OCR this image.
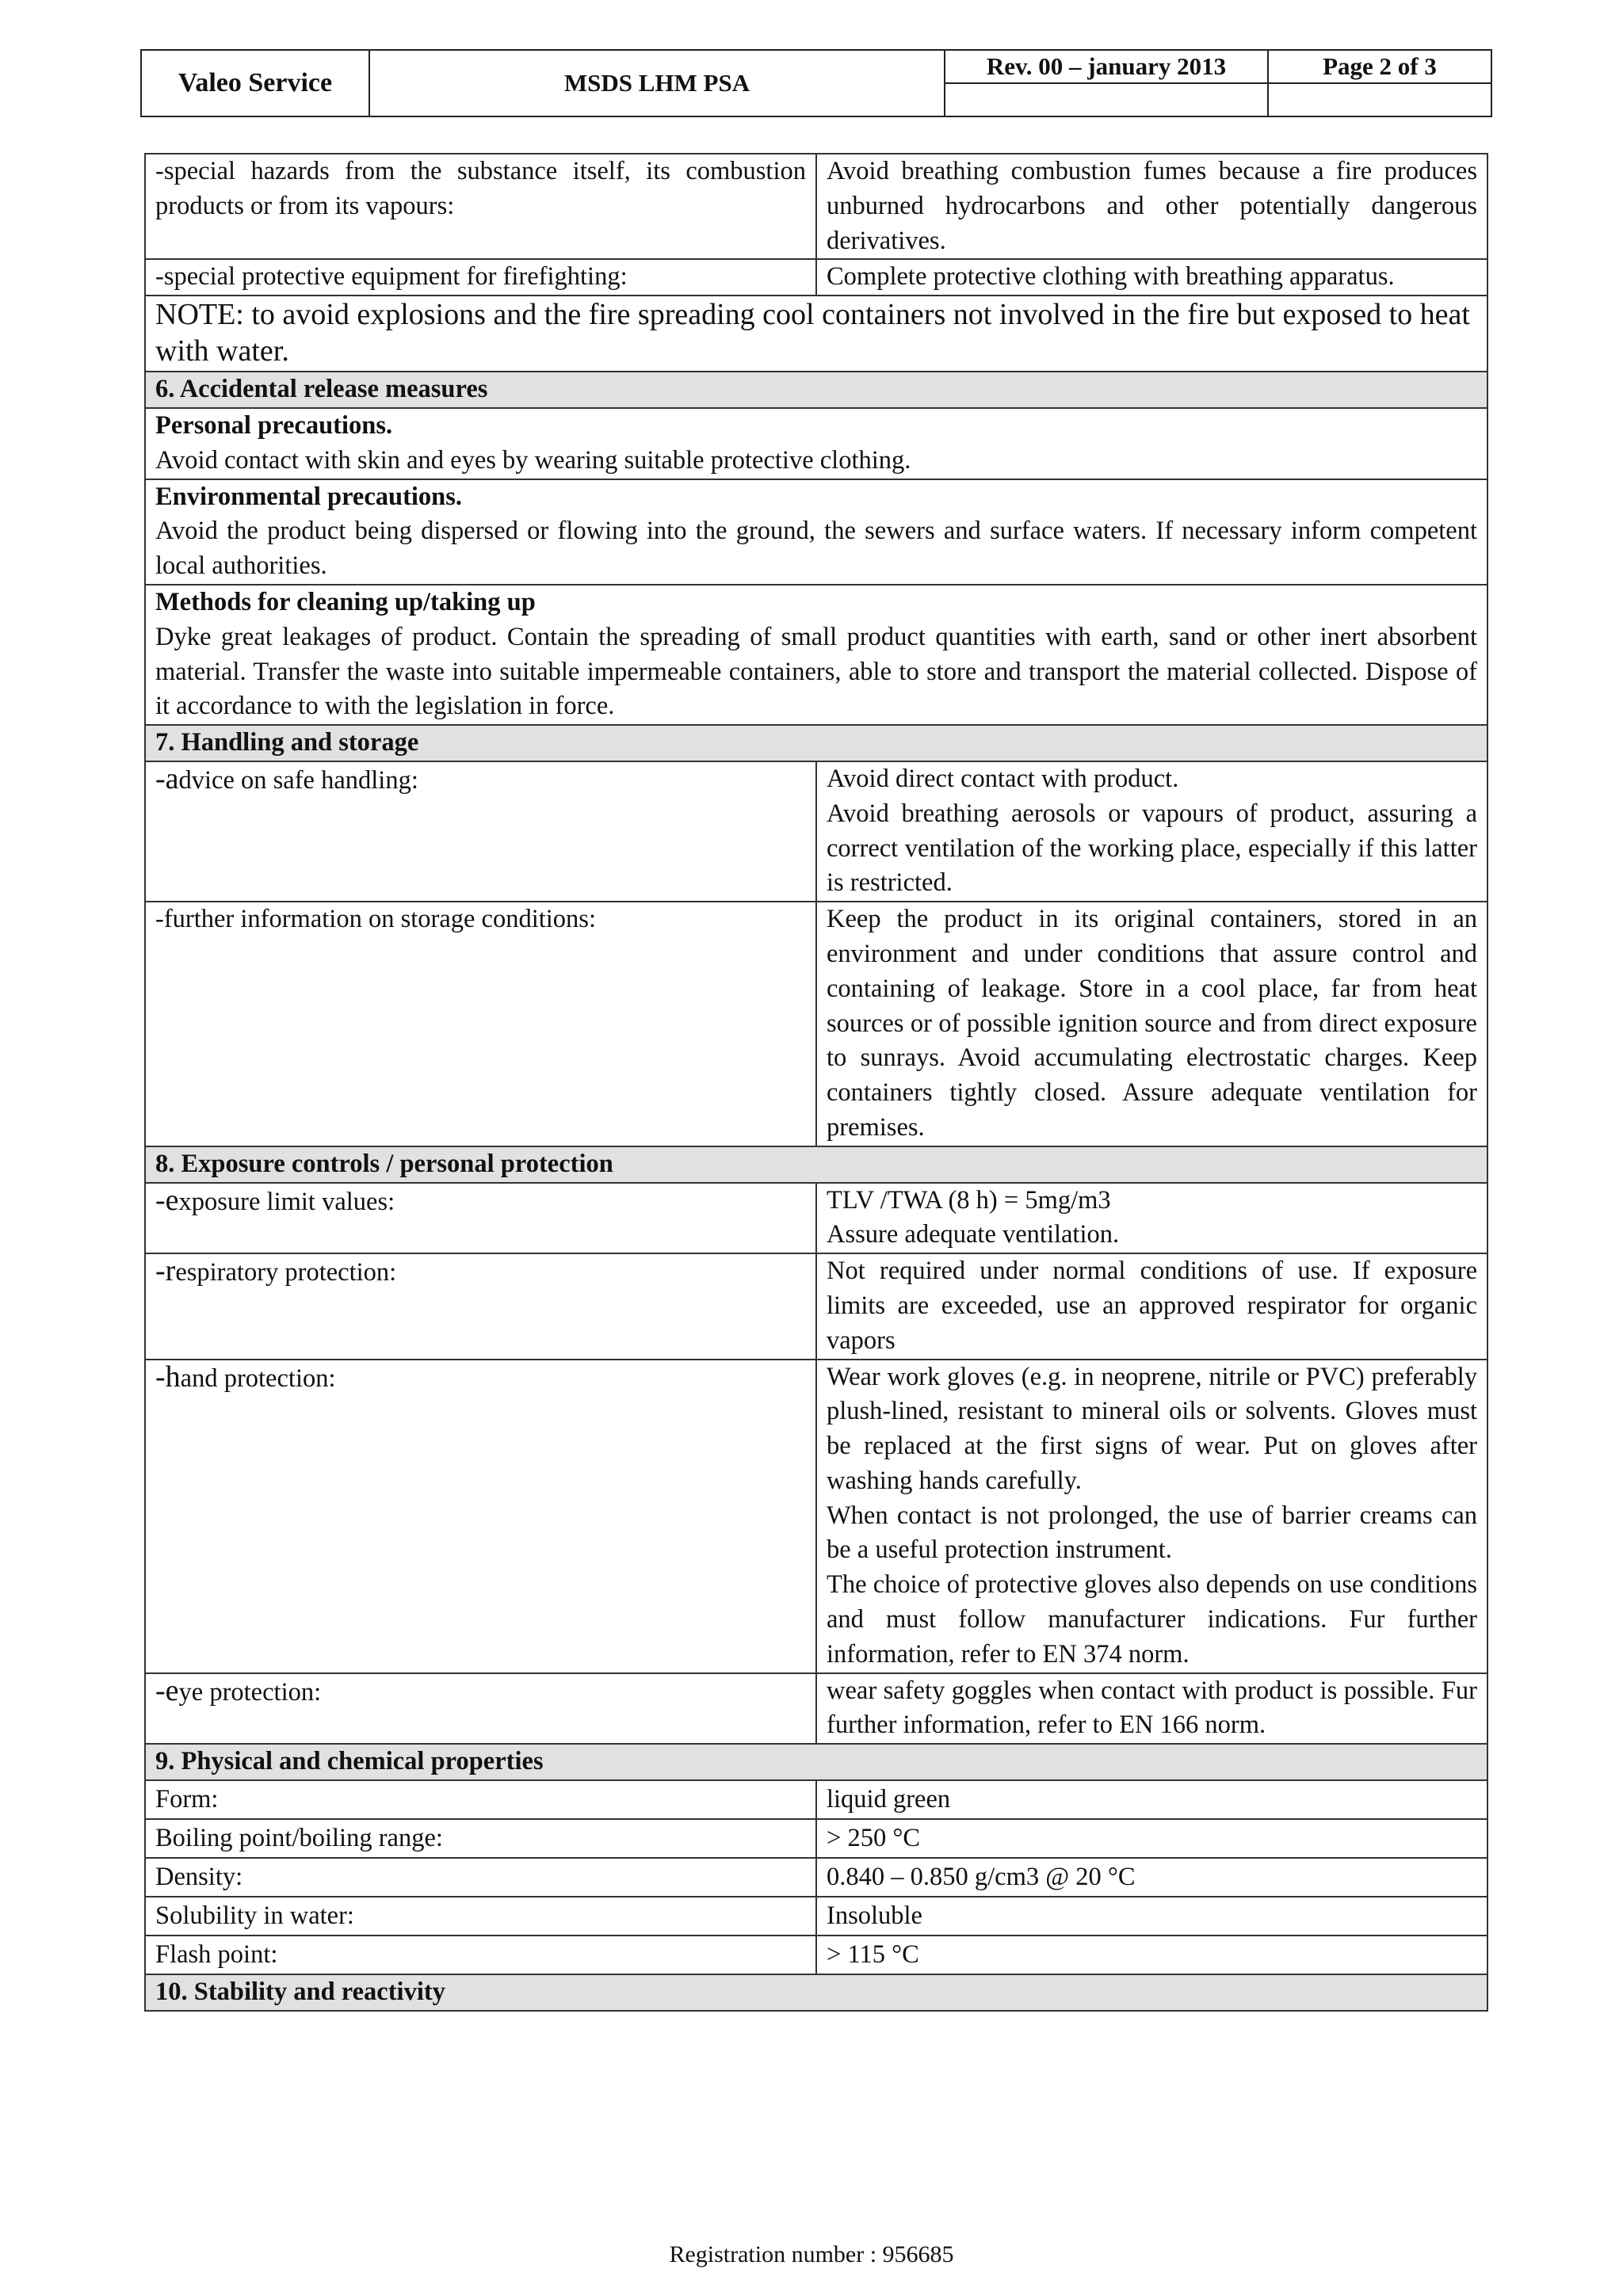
Valeo Service	MSDS LHM PSA	Rev. 00 – january 2013	Page 2 of 3

-special hazards from the substance itself, its combustion products or from its vapours:	Avoid breathing combustion fumes because a fire produces unburned hydrocarbons and other potentially dangerous derivatives.
-special protective equipment for firefighting:	Complete protective clothing with breathing apparatus.
NOTE: to avoid explosions and the fire spreading cool containers not involved in the fire but exposed to heat with water.	
6. Accidental release measures	

Personal precautions.
Avoid contact with skin and eyes by wearing suitable protective clothing.	

Environmental precautions.
Avoid the product being dispersed or flowing into the ground, the sewers and surface waters. If necessary inform competent local authorities.	

Methods for cleaning up/taking up
Dyke great leakages of product. Contain the spreading of small product quantities with earth, sand or other inert absorbent material. Transfer the waste into suitable impermeable containers, able to store and transport the material collected. Dispose of it accordance to with the legislation in force.	

7. Handling and storage	
-advice on safe handling:	Avoid direct contact with product.
Avoid breathing aerosols or vapours of product, assuring a correct ventilation of the working place, especially if this latter is restricted.

-further information on storage conditions:	Keep the product in its original containers, stored in an environment and under conditions that assure control and containing of leakage. Store in a cool place, far from heat sources or of possible ignition source and from direct exposure to sunrays. Avoid accumulating electrostatic charges. Keep containers tightly closed. Assure adequate ventilation for premises.

8. Exposure controls / personal protection	
-exposure limit values:	TLV /TWA (8 h) = 5mg/m3
Assure adequate ventilation.

-respiratory protection:	Not required under normal conditions of use. If exposure limits are exceeded, use an approved respirator for organic vapors

-hand protection:	Wear work gloves (e.g. in neoprene, nitrile or PVC) preferably plush-lined, resistant to mineral oils or solvents. Gloves must be replaced at the first signs of wear. Put on gloves after washing hands carefully.
When contact is not prolonged, the use of barrier creams can be a useful protection instrument.
The choice of protective gloves also depends on use conditions and must follow manufacturer indications. Fur further information, refer to EN 374 norm.

-eye protection:	wear safety goggles when contact with product is possible. Fur further information, refer to EN 166 norm.

9. Physical and chemical properties	
Form:	liquid green
Boiling point/boiling range:	> 250 °C
Density:	0.840 – 0.850 g/cm3 @ 20 °C
Solubility in water:	Insoluble
Flash point:	> 115 °C
10. Stability and reactivity	
Registration number : 956685
